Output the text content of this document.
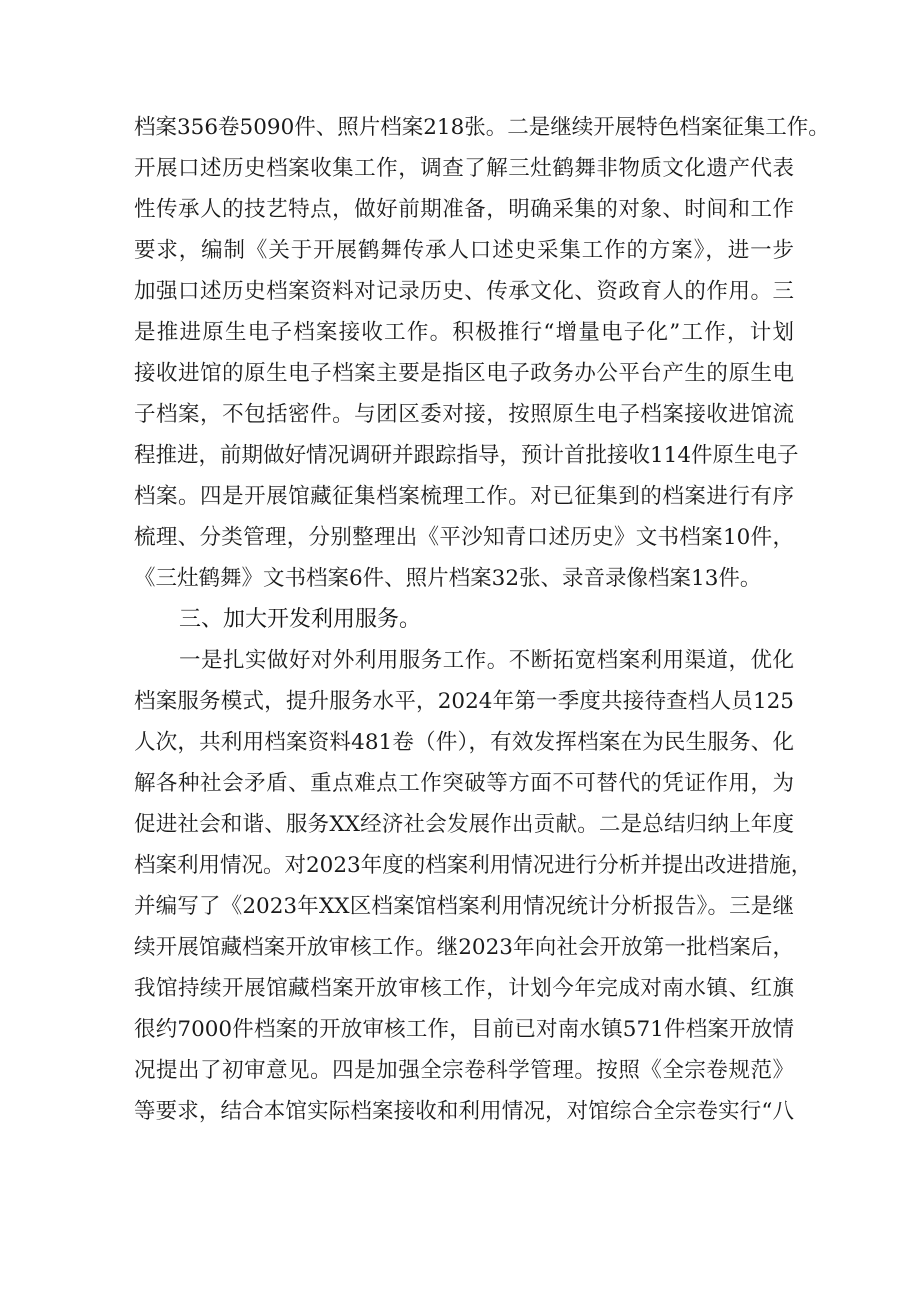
档案356卷5090件、照片档案218张。二是继续开展特色档案征集工作。
开展口述历史档案收集工作，调查了解三灶鹤舞非物质文化遗产代表
性传承人的技艺特点，做好前期准备，明确采集的对象、时间和工作
要求，编制《关于开展鹤舞传承人口述史采集工作的方案》，进一步
加强口述历史档案资料对记录历史、传承文化、资政育人的作用。三
是推进原生电子档案接收工作。积极推行“增量电子化”工作，计划
接收进馆的原生电子档案主要是指区电子政务办公平台产生的原生电
子档案，不包括密件。与团区委对接，按照原生电子档案接收进馆流
程推进，前期做好情况调研并跟踪指导，预计首批接收114件原生电子
档案。四是开展馆藏征集档案梳理工作。对已征集到的档案进行有序
梳理、分类管理，分别整理出《平沙知青口述历史》文书档案10件，
《三灶鹤舞》文书档案6件、照片档案32张、录音录像档案13件。
三、加大开发利用服务。
一是扎实做好对外利用服务工作。不断拓宽档案利用渠道，优化
档案服务模式，提升服务水平，2024年第一季度共接待查档人员125
人次，共利用档案资料481卷（件），有效发挥档案在为民生服务、化
解各种社会矛盾、重点难点工作突破等方面不可替代的凭证作用，为
促进社会和谐、服务XX经济社会发展作出贡献。二是总结归纳上年度
档案利用情况。对2023年度的档案利用情况进行分析并提出改进措施，
并编写了《2023年XX区档案馆档案利用情况统计分析报告》。三是继
续开展馆藏档案开放审核工作。继2023年向社会开放第一批档案后，
我馆持续开展馆藏档案开放审核工作，计划今年完成对南水镇、红旗
很约7000件档案的开放审核工作，目前已对南水镇571件档案开放情
况提出了初审意见。四是加强全宗卷科学管理。按照《全宗卷规范》
等要求，结合本馆实际档案接收和利用情况，对馆综合全宗卷实行“八
